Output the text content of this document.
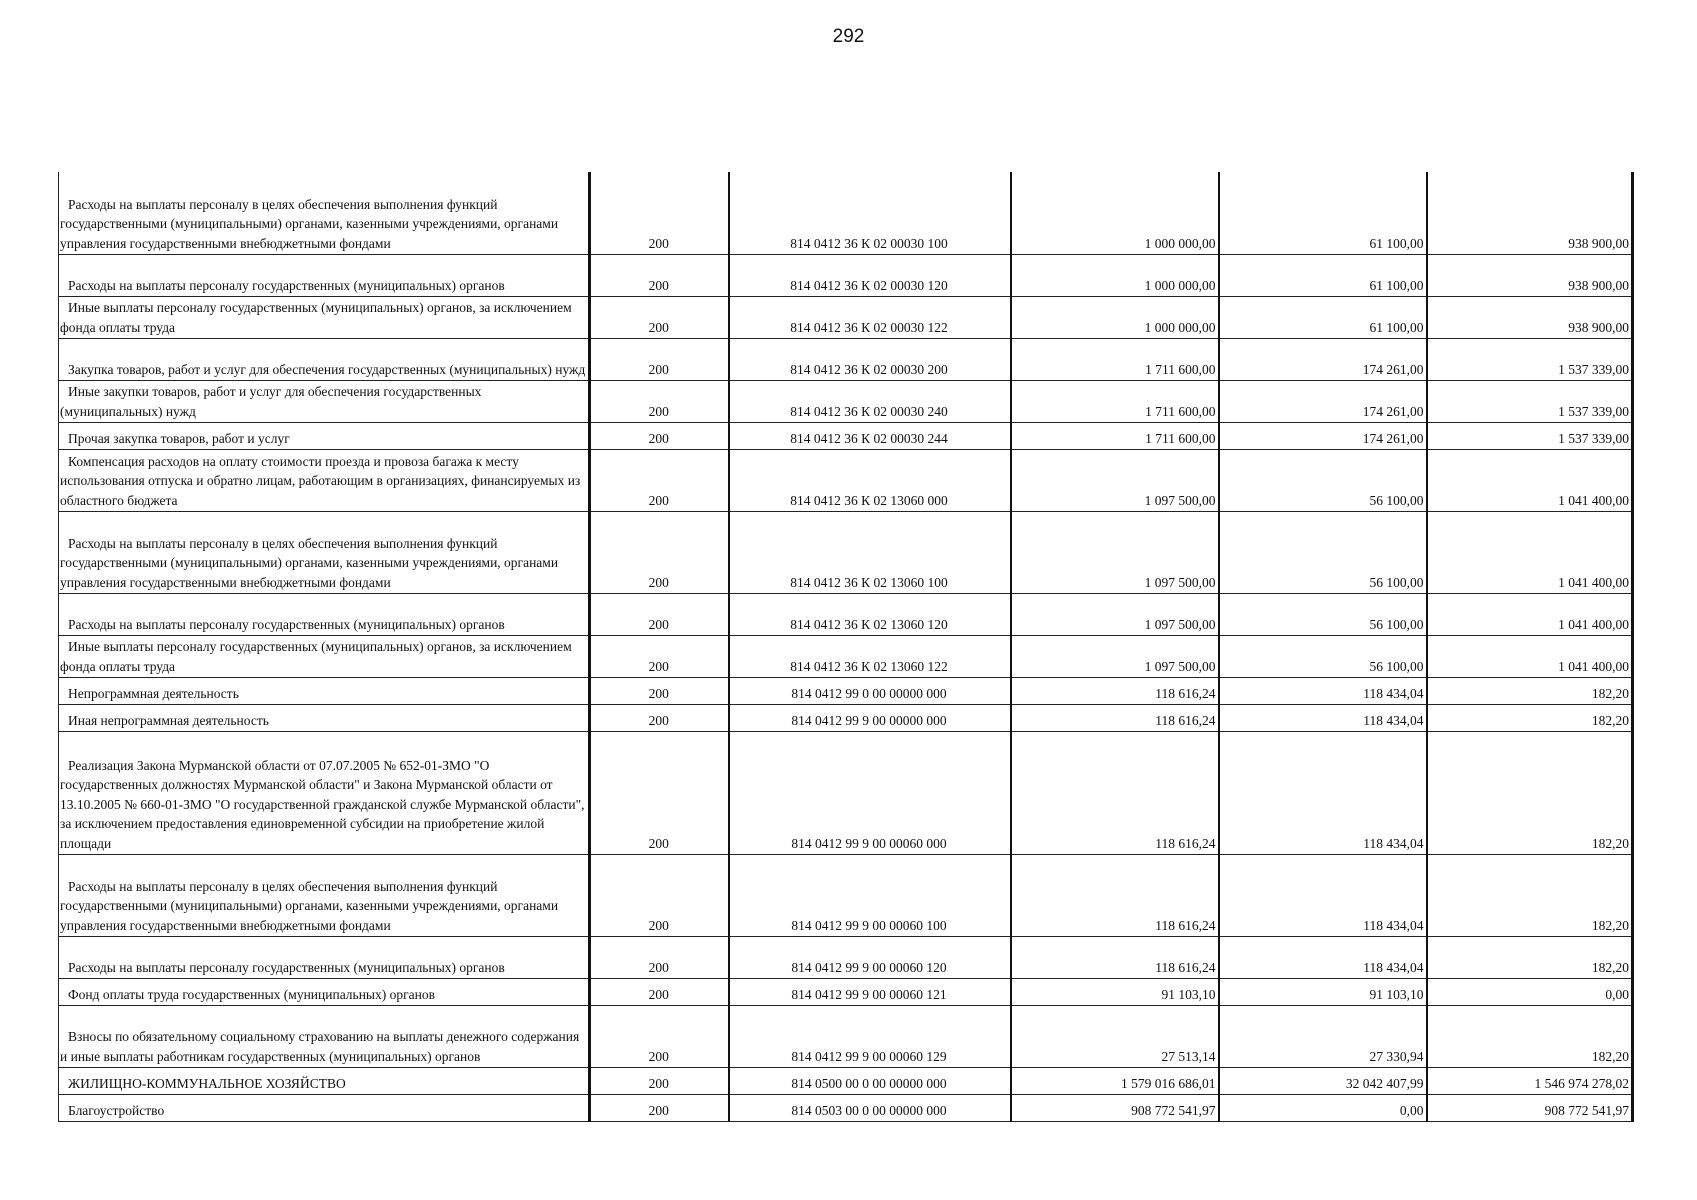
292
Расходы на выплаты персоналу в целях обеспечения выполнения функций государственными (муниципальными) органами, казенными учреждениями, органами управления государственными внебюджетными фондами	200	814 0412 36 К 02 00030 100	1 000 000,00	61 100,00	938 900,00

Расходы на выплаты персоналу государственных (муниципальных) органов	200	814 0412 36 К 02 00030 120	1 000 000,00	61 100,00	938 900,00

Иные выплаты персоналу государственных (муниципальных) органов, за исключением фонда оплаты труда	200	814 0412 36 К 02 00030 122	1 000 000,00	61 100,00	938 900,00

Закупка товаров, работ и услуг для обеспечения государственных (муниципальных) нужд	200	814 0412 36 К 02 00030 200	1 711 600,00	174 261,00	1 537 339,00

Иные закупки товаров, работ и услуг для обеспечения государственных (муниципальных) нужд	200	814 0412 36 К 02 00030 240	1 711 600,00	174 261,00	1 537 339,00

Прочая закупка товаров, работ и услуг	200	814 0412 36 К 02 00030 244	1 711 600,00	174 261,00	1 537 339,00

Компенсация расходов на оплату стоимости проезда и провоза багажа к месту использования отпуска и обратно лицам, работающим в организациях, финансируемых из областного бюджета	200	814 0412 36 К 02 13060 000	1 097 500,00	56 100,00	1 041 400,00

Расходы на выплаты персоналу в целях обеспечения выполнения функций государственными (муниципальными) органами, казенными учреждениями, органами управления государственными внебюджетными фондами	200	814 0412 36 К 02 13060 100	1 097 500,00	56 100,00	1 041 400,00

Расходы на выплаты персоналу государственных (муниципальных) органов	200	814 0412 36 К 02 13060 120	1 097 500,00	56 100,00	1 041 400,00

Иные выплаты персоналу государственных (муниципальных) органов, за исключением фонда оплаты труда	200	814 0412 36 К 02 13060 122	1 097 500,00	56 100,00	1 041 400,00

Непрограммная деятельность	200	814 0412 99 0 00 00000 000	118 616,24	118 434,04	182,20

Иная непрограммная деятельность	200	814 0412 99 9 00 00000 000	118 616,24	118 434,04	182,20

Реализация Закона Мурманской области от 07.07.2005 № 652-01-ЗМО "О государственных должностях Мурманской области" и Закона Мурманской области от 13.10.2005 № 660-01-ЗМО "О государственной гражданской службе Мурманской области", за исключением предоставления единовременной субсидии на приобретение жилой площади	200	814 0412 99 9 00 00060 000	118 616,24	118 434,04	182,20

Расходы на выплаты персоналу в целях обеспечения выполнения функций государственными (муниципальными) органами, казенными учреждениями, органами управления государственными внебюджетными фондами	200	814 0412 99 9 00 00060 100	118 616,24	118 434,04	182,20

Расходы на выплаты персоналу государственных (муниципальных) органов	200	814 0412 99 9 00 00060 120	118 616,24	118 434,04	182,20

Фонд оплаты труда государственных (муниципальных) органов	200	814 0412 99 9 00 00060 121	91 103,10	91 103,10	0,00

Взносы по обязательному социальному страхованию на выплаты денежного содержания и иные выплаты работникам государственных (муниципальных) органов	200	814 0412 99 9 00 00060 129	27 513,14	27 330,94	182,20

ЖИЛИЩНО-КОММУНАЛЬНОЕ ХОЗЯЙСТВО	200	814 0500 00 0 00 00000 000	1 579 016 686,01	32 042 407,99	1 546 974 278,02

Благоустройство	200	814 0503 00 0 00 00000 000	908 772 541,97	0,00	908 772 541,97
